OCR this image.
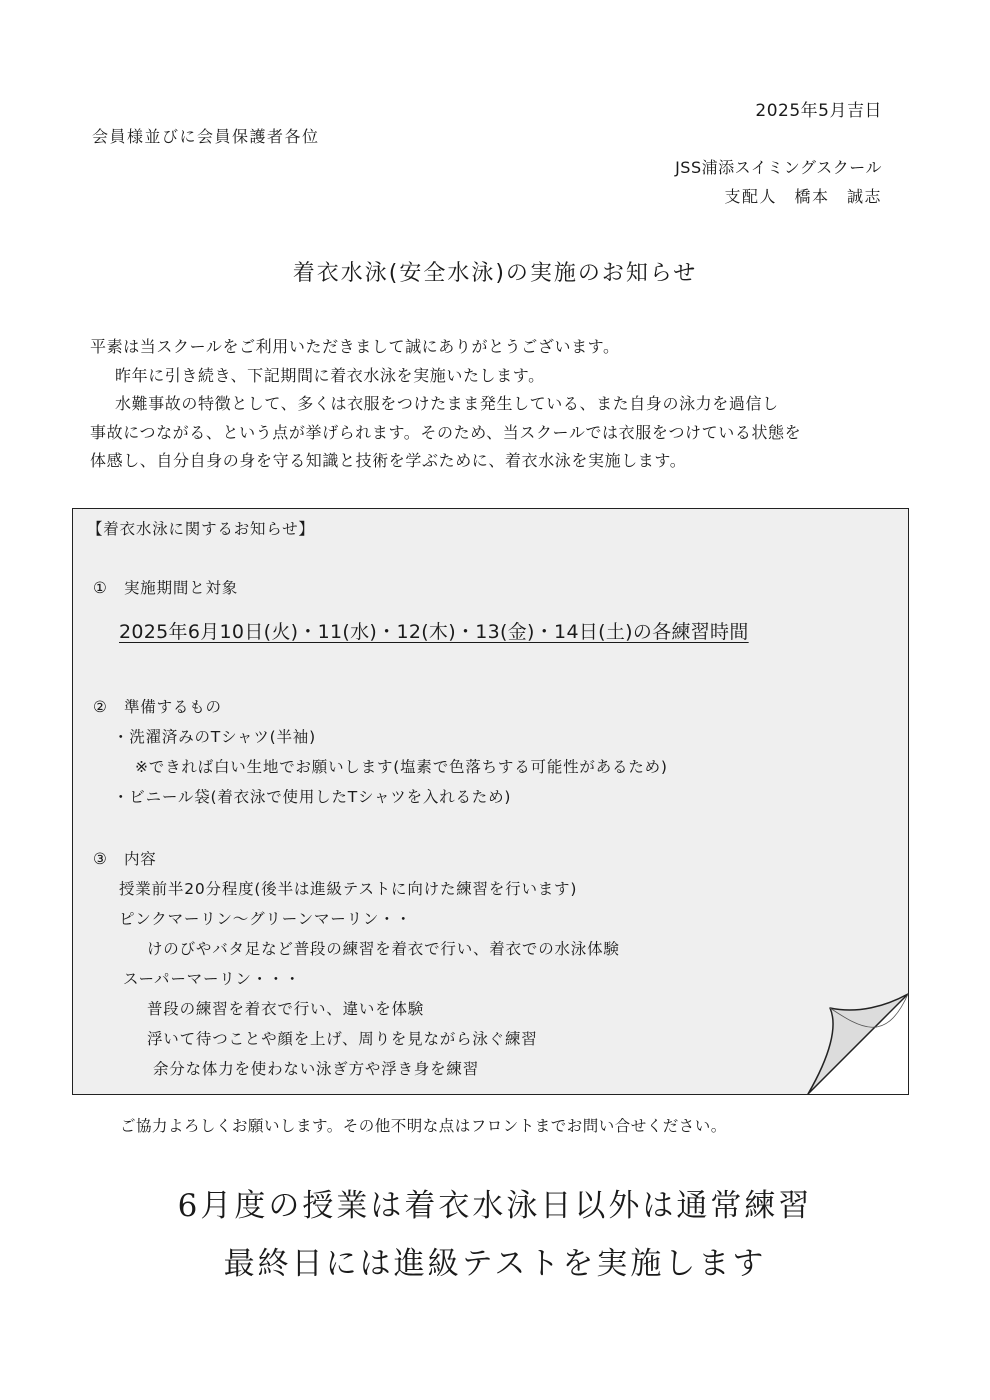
2025年5月吉日
会員様並びに会員保護者各位
JSS浦添スイミングスクール
支配人　橋本　誠志
着衣水泳(安全水泳)の実施のお知らせ
平素は当スクールをご利用いただきまして誠にありがとうございます。
昨年に引き続き、下記期間に着衣水泳を実施いたします。
水難事故の特徴として、多くは衣服をつけたまま発生している、また自身の泳力を過信し
事故につながる、という点が挙げられます。そのため、当スクールでは衣服をつけている状態を
体感し、自分自身の身を守る知識と技術を学ぶために、着衣水泳を実施します。
【着衣水泳に関するお知らせ】
①　実施期間と対象
2025年6月10日(火)・11(水)・12(木)・13(金)・14日(土)の各練習時間
②　準備するもの
・洗濯済みのTシャツ(半袖)
※できれば白い生地でお願いします(塩素で色落ちする可能性があるため)
・ビニール袋(着衣泳で使用したTシャツを入れるため)
③　内容
授業前半20分程度(後半は進級テストに向けた練習を行います)
ピンクマーリン〜グリーンマーリン・・
けのびやバタ足など普段の練習を着衣で行い、着衣での水泳体験
スーパーマーリン・・・
普段の練習を着衣で行い、違いを体験
浮いて待つことや顔を上げ、周りを見ながら泳ぐ練習
余分な体力を使わない泳ぎ方や浮き身を練習
ご協力よろしくお願いします。その他不明な点はフロントまでお問い合せください。
6月度の授業は着衣水泳日以外は通常練習
最終日には進級テストを実施します
